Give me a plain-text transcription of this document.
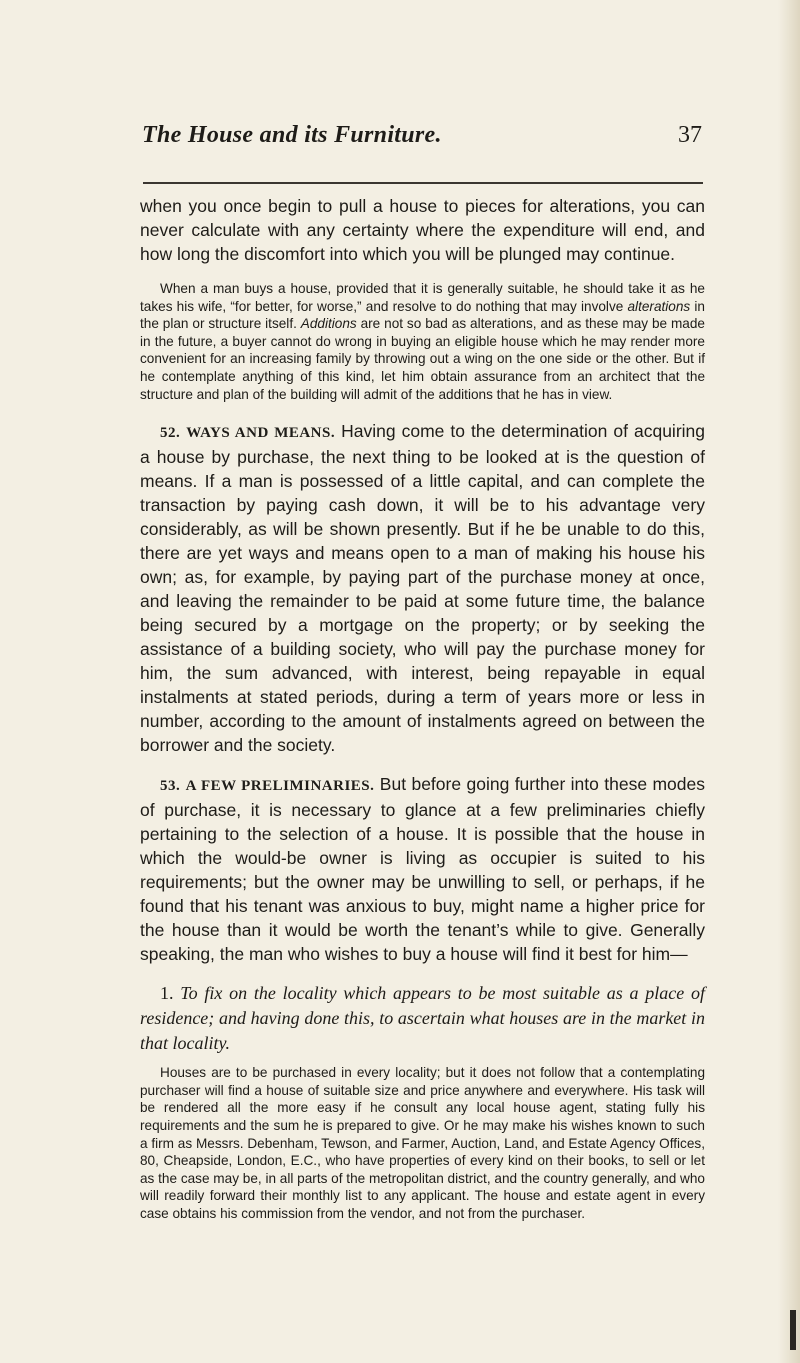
The House and its Furniture.	37

when you once begin to pull a house to pieces for alterations, you can never calculate with any certainty where the expenditure will end, and how long the discomfort into which you will be plunged may continue.

When a man buys a house, provided that it is generally suitable, he should take it as he takes his wife, “for better, for worse,” and resolve to do nothing that may involve alterations in the plan or structure itself. Additions are not so bad as alterations, and as these may be made in the future, a buyer cannot do wrong in buying an eligible house which he may render more convenient for an increasing family by throwing out a wing on the one side or the other. But if he contemplate anything of this kind, let him obtain assurance from an architect that the structure and plan of the building will admit of the additions that he has in view.

52. WAYS AND MEANS. Having come to the determination of acquiring a house by purchase, the next thing to be looked at is the question of means. If a man is possessed of a little capital, and can complete the transaction by paying cash down, it will be to his advantage very considerably, as will be shown presently. But if he be unable to do this, there are yet ways and means open to a man of making his house his own; as, for example, by paying part of the purchase money at once, and leaving the remainder to be paid at some future time, the balance being secured by a mortgage on the property; or by seeking the assistance of a building society, who will pay the purchase money for him, the sum advanced, with interest, being repayable in equal instalments at stated periods, during a term of years more or less in number, according to the amount of instalments agreed on between the borrower and the society.

53. A FEW PRELIMINARIES. But before going further into these modes of purchase, it is necessary to glance at a few preliminaries chiefly pertaining to the selection of a house. It is possible that the house in which the would-be owner is living as occupier is suited to his requirements; but the owner may be unwilling to sell, or perhaps, if he found that his tenant was anxious to buy, might name a higher price for the house than it would be worth the tenant’s while to give. Generally speaking, the man who wishes to buy a house will find it best for him—

1. To fix on the locality which appears to be most suitable as a place of residence; and having done this, to ascertain what houses are in the market in that locality.

Houses are to be purchased in every locality; but it does not follow that a contemplating purchaser will find a house of suitable size and price anywhere and everywhere. His task will be rendered all the more easy if he consult any local house agent, stating fully his requirements and the sum he is prepared to give. Or he may make his wishes known to such a firm as Messrs. Debenham, Tewson, and Farmer, Auction, Land, and Estate Agency Offices, 80, Cheapside, London, E.C., who have properties of every kind on their books, to sell or let as the case may be, in all parts of the metropolitan district, and the country generally, and who will readily forward their monthly list to any applicant. The house and estate agent in every case obtains his commission from the vendor, and not from the purchaser.
